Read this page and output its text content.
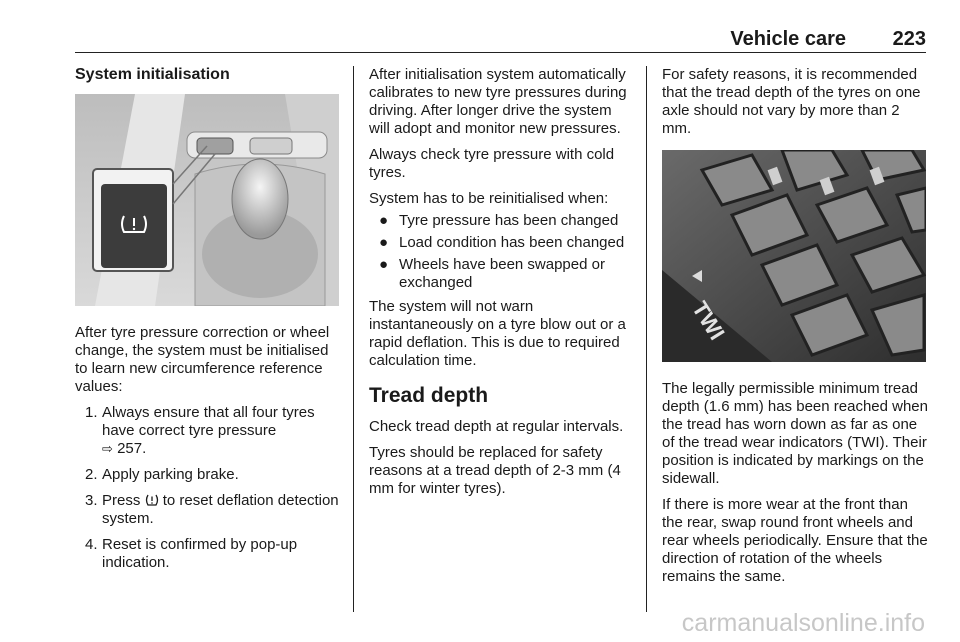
Vehicle care 223
System initialisation

After tyre pressure correction or wheel change, the system must be initialised to learn new circumference reference values:

1. Always ensure that all four tyres have correct tyre pressure
⇨ 257.
2. Apply parking brake.
3. Press to reset deflation detection system.
4. Reset is confirmed by pop-up indication.

After initialisation system automatically calibrates to new tyre pressures during driving. After longer drive the system will adopt and monitor new pressures.

Always check tyre pressure with cold tyres.

System has to be reinitialised when:

● Tyre pressure has been changed
● Load condition has been changed
● Wheels have been swapped or exchanged

The system will not warn instantaneously on a tyre blow out or a rapid deflation. This is due to required calculation time.

Tread depth

Check tread depth at regular intervals.

Tyres should be replaced for safety reasons at a tread depth of 2-3 mm (4 mm for winter tyres).

For safety reasons, it is recommended that the tread depth of the tyres on one axle should not vary by more than 2 mm.

TWI

The legally permissible minimum tread depth (1.6 mm) has been reached when the tread has worn down as far as one of the tread wear indicators (TWI). Their position is indicated by markings on the sidewall.

If there is more wear at the front than the rear, swap round front wheels and rear wheels periodically. Ensure that the direction of rotation of the wheels remains the same.

carmanualsonline.info
